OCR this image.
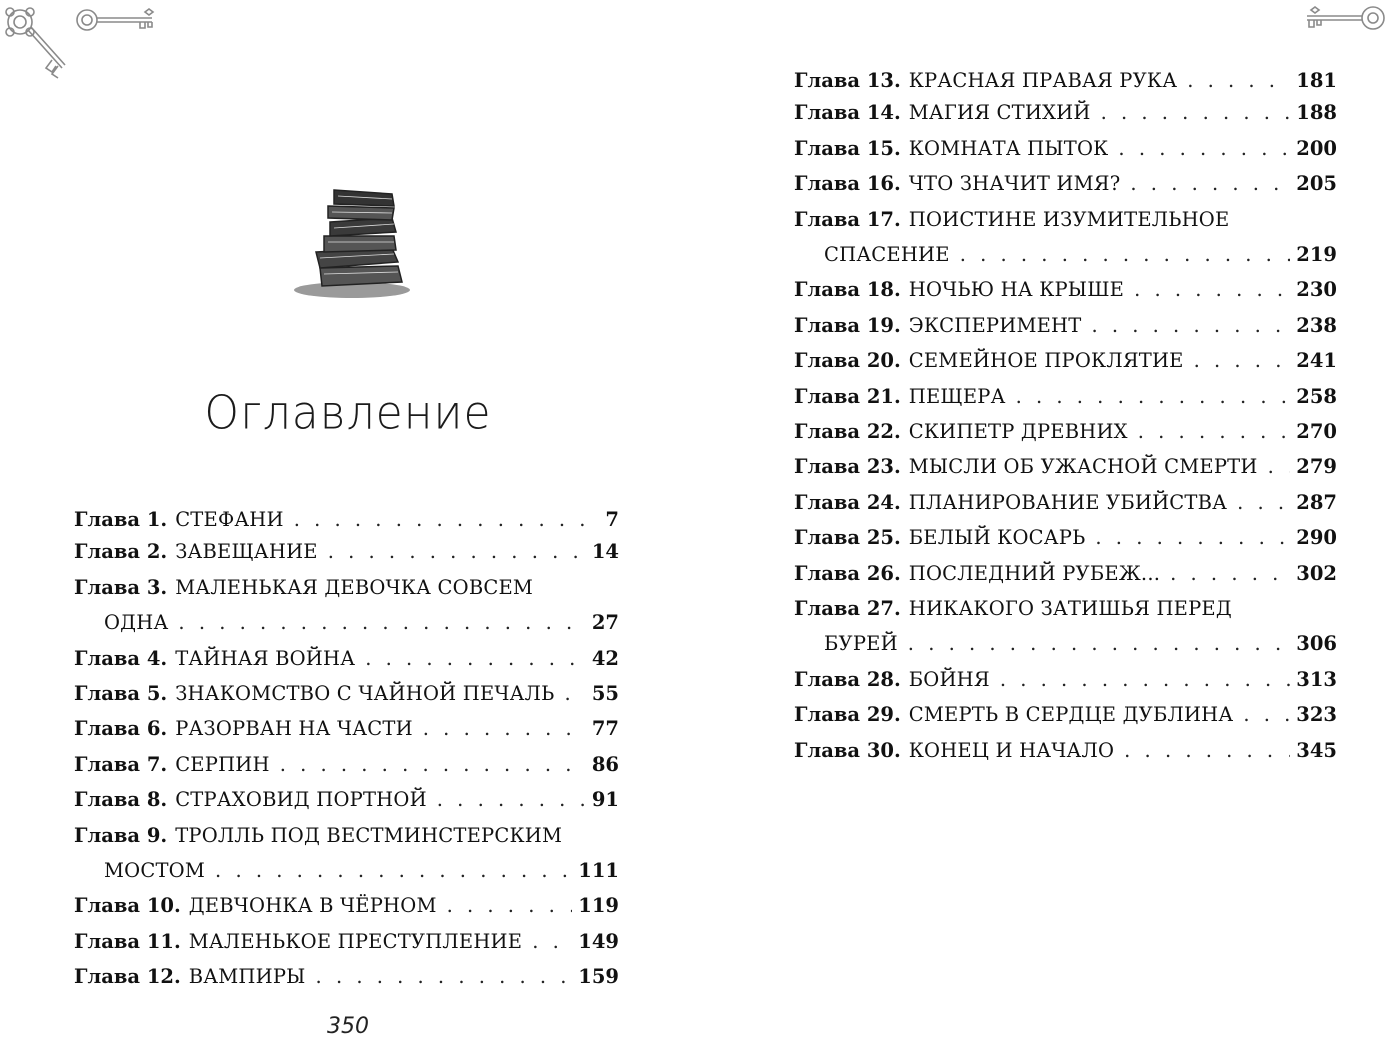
Оглавление
Глава 1. СТЕФАНИ . . .	7
Глава 2. ЗАВЕЩАНИЕ . . .	14
Глава 3. МАЛЕНЬКАЯ ДЕВОЧКА СОВСЕМ
ОДНА . . .	27
Глава 4. ТАЙНАЯ ВОЙНА . . .	42
Глава 5. ЗНАКОМСТВО С ЧАЙНОЙ ПЕЧАЛЬ . . . 55
Глава 6. РАЗОРВАН НА ЧАСТИ . . .	77
Глава 7. СЕРПИН . . .	86
Глава 8. СТРАХОВИД ПОРТНОЙ . . .	91
Глава 9. ТРОЛЛЬ ПОД ВЕСТМИНСТЕРСКИМ
МОСТОМ . . .	111
Глава 10. ДЕВЧОНКА В ЧЁРНОМ . . .	119
Глава 11. МАЛЕНЬКОЕ ПРЕСТУПЛЕНИЕ . . .	149
Глава 12. ВАМПИРЫ . . .	159
350
Глава 13. КРАСНАЯ ПРАВАЯ РУКА . . .	181
Глава 14. МАГИЯ СТИХИЙ . . .	188
Глава 15. КОМНАТА ПЫТОК . . .	200
Глава 16. ЧТО ЗНАЧИТ ИМЯ? . . .	205
Глава 17. ПОИСТИНЕ ИЗУМИТЕЛЬНОЕ
СПАСЕНИЕ . . .	219
Глава 18. НОЧЬЮ НА КРЫШЕ . . .	230
Глава 19. ЭКСПЕРИМЕНТ . . .	238
Глава 20. СЕМЕЙНОЕ ПРОКЛЯТИЕ . . .	241
Глава 21. ПЕЩЕРА . . .	258
Глава 22. СКИПЕТР ДРЕВНИХ . . .	270
Глава 23. МЫСЛИ ОБ УЖАСНОЙ СМЕРТИ . . . 279
Глава 24. ПЛАНИРОВАНИЕ УБИЙСТВА . . .	287
Глава 25. БЕЛЫЙ КОСАРЬ . . .	290
Глава 26. ПОСЛЕДНИЙ РУБЕЖ... . . .	302
Глава 27. НИКАКОГО ЗАТИШЬЯ ПЕРЕД
БУРЕЙ . . .	306
Глава 28. БОЙНЯ . . .	313
Глава 29. СМЕРТЬ В СЕРДЦЕ ДУБЛИНА . . .	323
Глава 30. КОНЕЦ И НАЧАЛО . . .	345
